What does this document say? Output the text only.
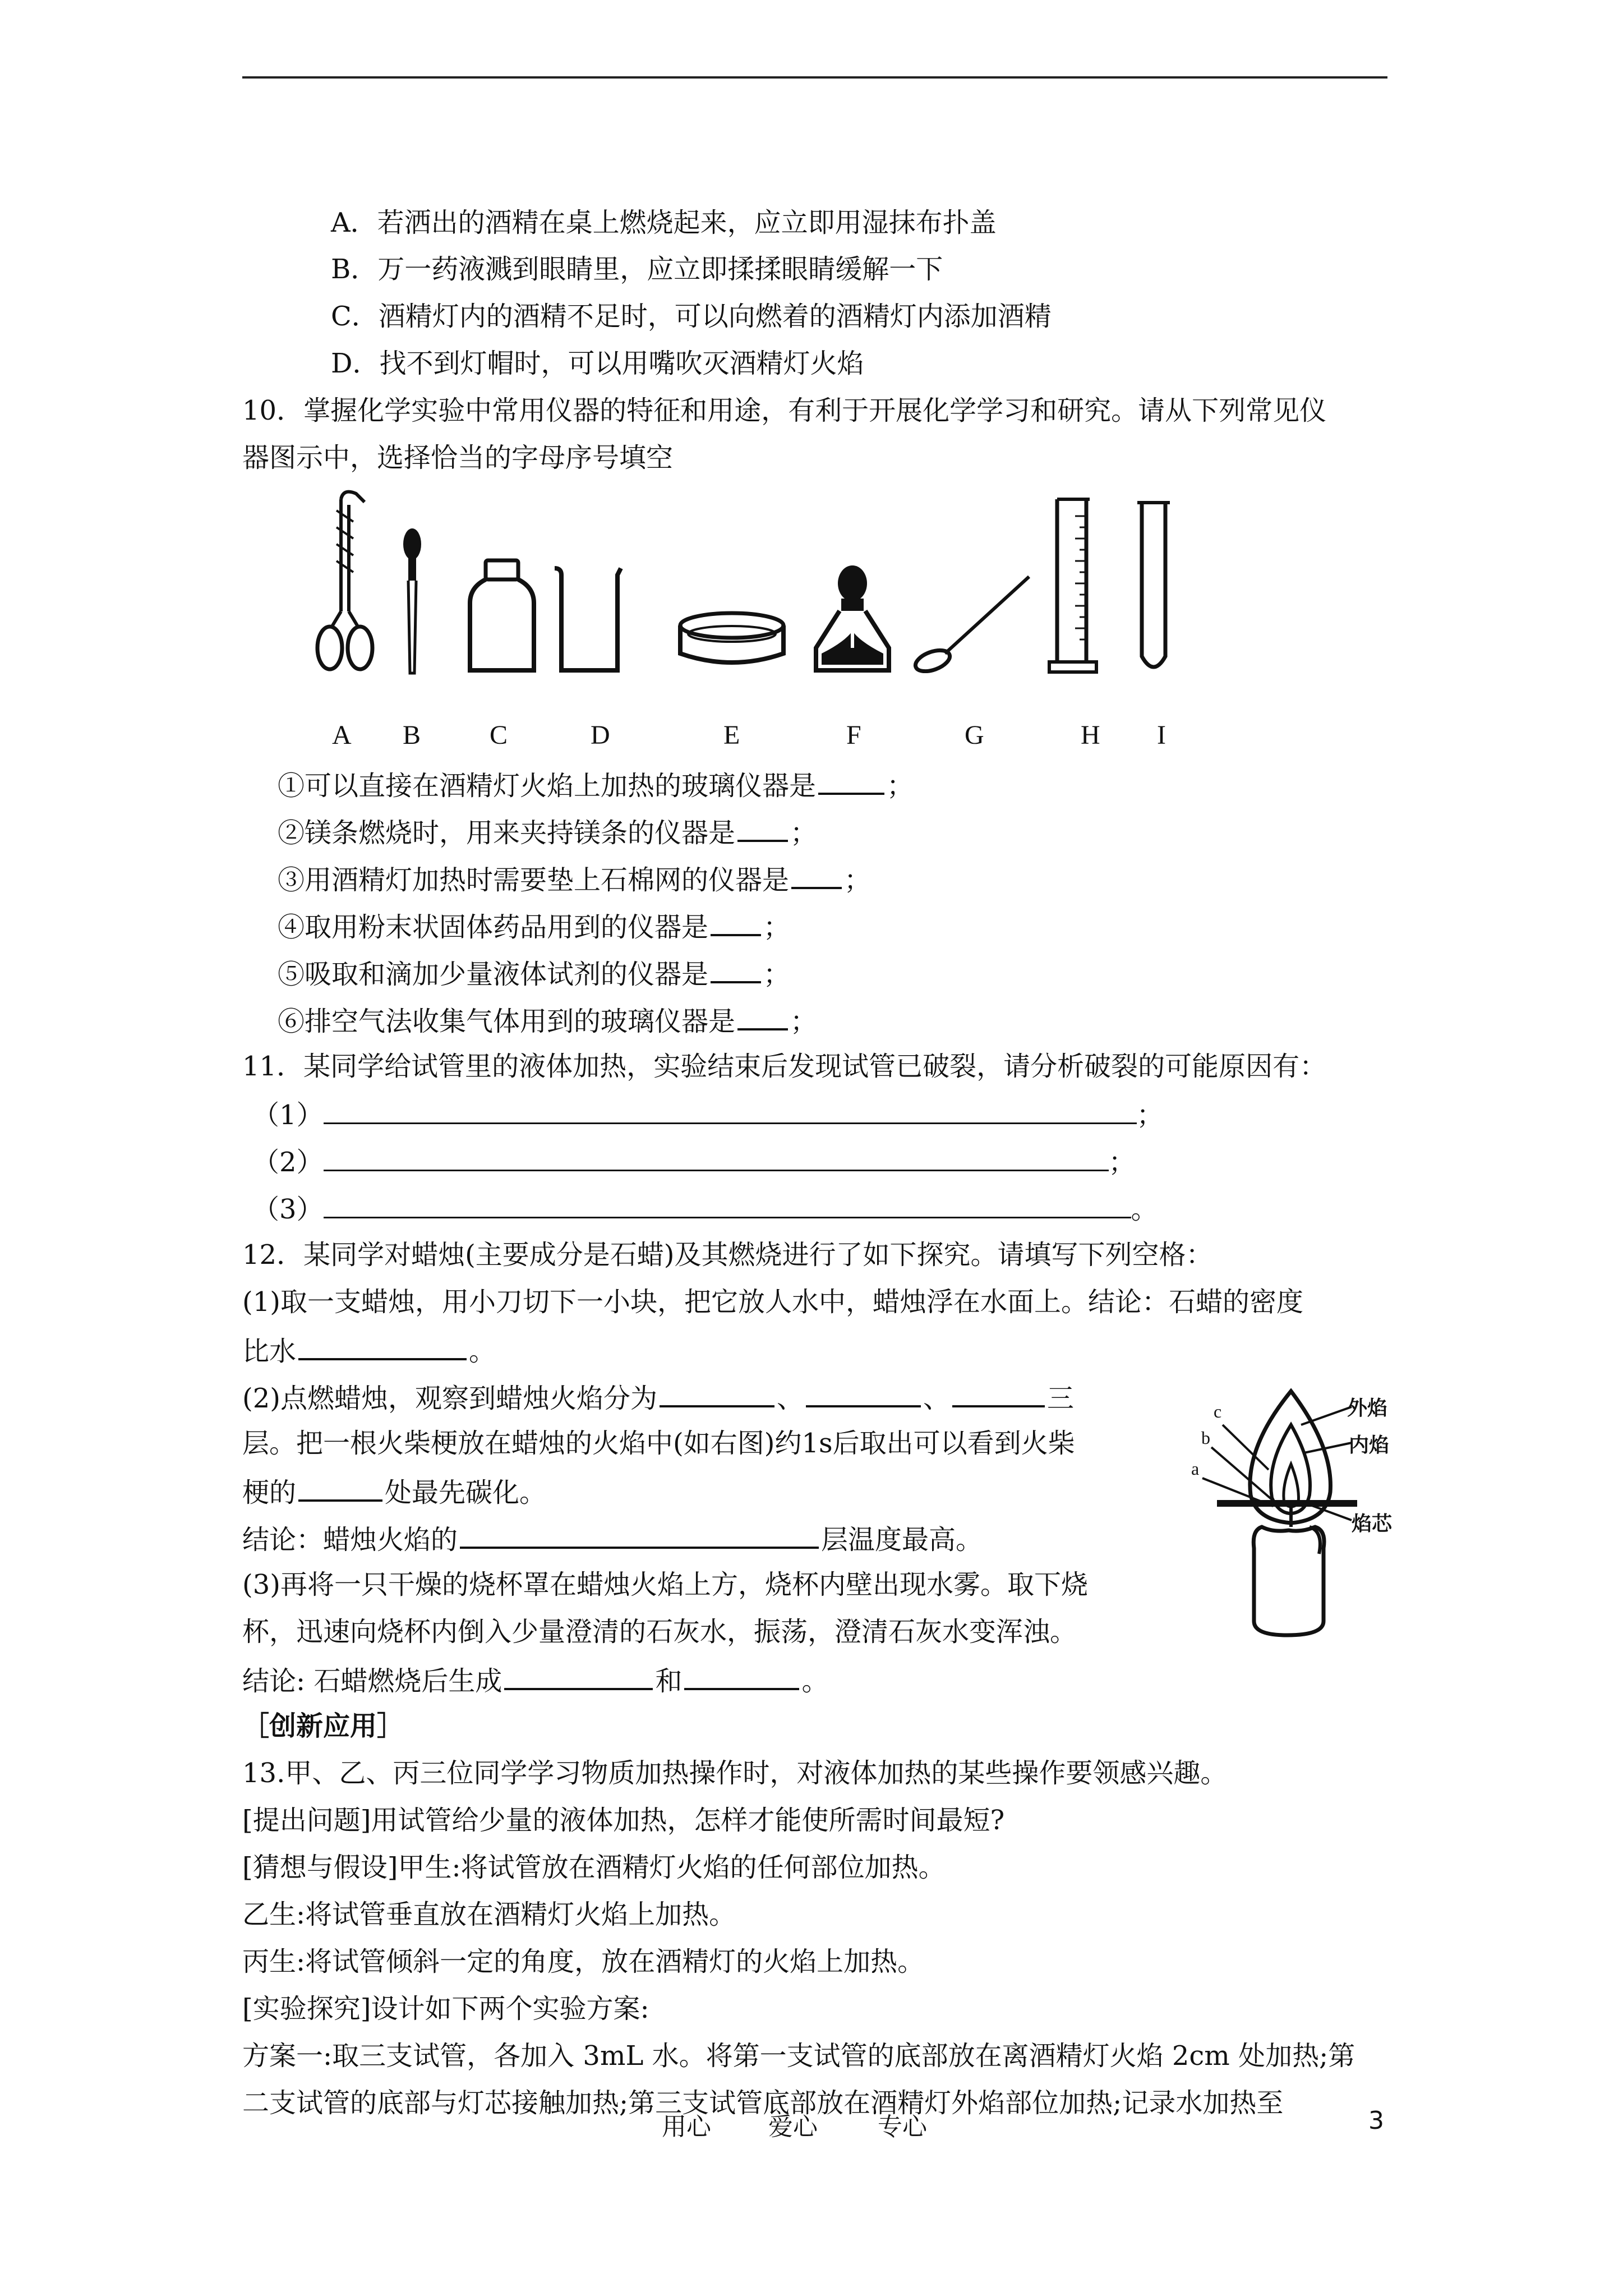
A．若洒出的酒精在桌上燃烧起来，应立即用湿抹布扑盖
B．万一药液溅到眼睛里，应立即揉揉眼睛缓解一下
C．酒精灯内的酒精不足时，可以向燃着的酒精灯内添加酒精
D．找不到灯帽时，可以用嘴吹灭酒精灯火焰
10．掌握化学实验中常用仪器的特征和用途，有利于开展化学学习和研究。请从下列常见仪
器图示中，选择恰当的字母序号填空
A B	C	D	E	F	G	H I
①可以直接在酒精灯火焰上加热的玻璃仪器是	；
②镁条燃烧时，用来夹持镁条的仪器是 ；
③用酒精灯加热时需要垫上石棉网的仪器是 ；
④取用粉末状固体药品用到的仪器是 ；
⑤吸取和滴加少量液体试剂的仪器是 ；
⑥排空气法收集气体用到的玻璃仪器是 ；
11．某同学给试管里的液体加热，实验结束后发现试管已破裂，请分析破裂的可能原因有：
（1）	；
（2）	；
（3）	。
12．某同学对蜡烛(主要成分是石蜡)及其燃烧进行了如下探究。请填写下列空格：
(1)取一支蜡烛，用小刀切下一小块，把它放人水中，蜡烛浮在水面上。结论：石蜡的密度
比水	。
(2)点燃蜡烛，观察到蜡烛火焰分为	、	、	三
层。把一根火柴梗放在蜡烛的火焰中(如右图)约1s后取出可以看到火柴
梗的	处最先碳化。
结论：蜡烛火焰的	层温度最高。
(3)再将一只干燥的烧杯罩在蜡烛火焰上方，烧杯内壁出现水雾。取下烧
杯，迅速向烧杯内倒入少量澄清的石灰水，振荡，澄清石灰水变浑浊。
结论: 石蜡燃烧后生成	和	。
外焰
内焰
焰芯
c
b
a
［创新应用］
13.甲、乙、丙三位同学学习物质加热操作时，对液体加热的某些操作要领感兴趣。
[提出问题]用试管给少量的液体加热，怎样才能使所需时间最短?
[猜想与假设]甲生:将试管放在酒精灯火焰的任何部位加热。
乙生:将试管垂直放在酒精灯火焰上加热。
丙生:将试管倾斜一定的角度，放在酒精灯的火焰上加热。
[实验探究]设计如下两个实验方案:
方案一:取三支试管，各加入 3mL 水。将第一支试管的底部放在离酒精灯火焰 2cm 处加热;第
二支试管的底部与灯芯接触加热;第三支试管底部放在酒精灯外焰部位加热;记录水加热至
用心 爱心 专心	3
